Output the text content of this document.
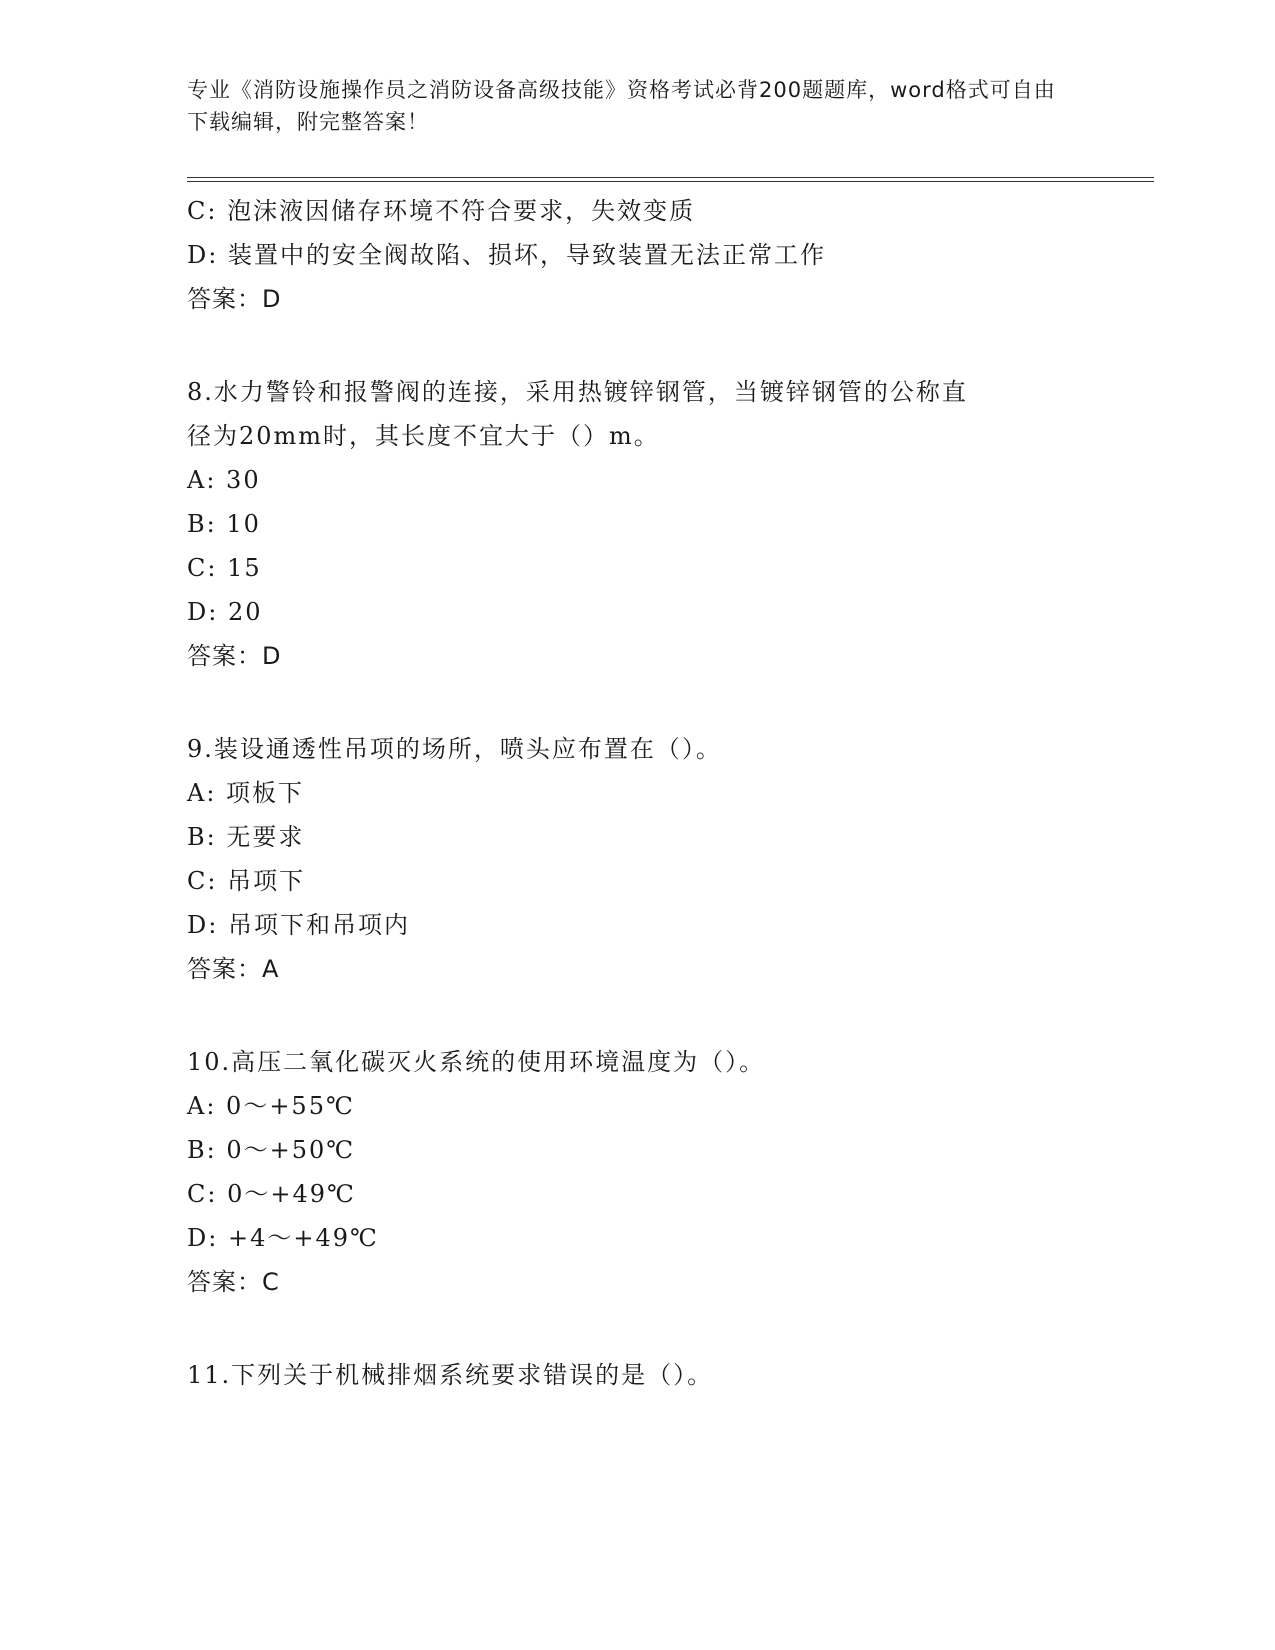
专业《消防设施操作员之消防设备高级技能》资格考试必背200题题库，word格式可自由下载编辑，附完整答案！
C: 泡沫液因储存环境不符合要求，失效变质
D: 装置中的安全阀故陷、损坏，导致装置无法正常工作
答案：D
8.水力警铃和报警阀的连接，采用热镀锌钢管，当镀锌钢管的公称直
径为20mm时，其长度不宜大于（）m。
A: 30
B: 10
C: 15
D: 20
答案：D
9.装设通透性吊项的场所，喷头应布置在（）。
A: 项板下
B: 无要求
C: 吊项下
D: 吊项下和吊项内
答案：A
10.高压二氧化碳灭火系统的使用环境温度为（）。
A: 0～+55℃
B: 0～+50℃
C: 0～+49℃
D: +4～+49℃
答案：C
11.下列关于机械排烟系统要求错误的是（）。
